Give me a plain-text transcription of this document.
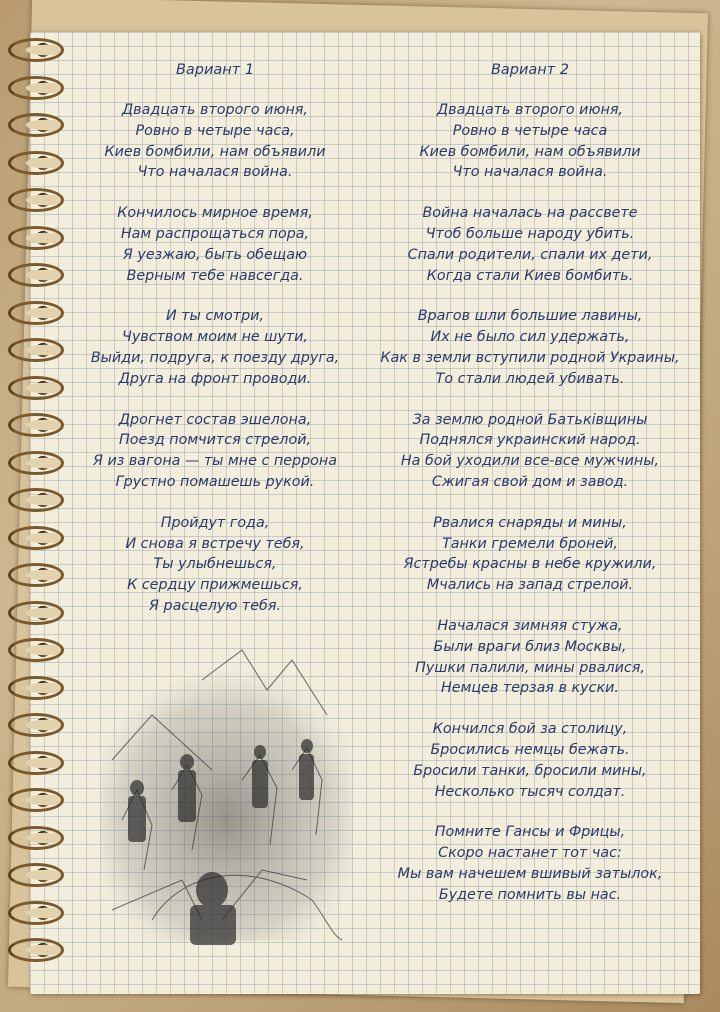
Вариант 1
Двадцать второго июня,
Ровно в четыре часа,
Киев бомбили, нам объявили
Что началася война.
Кончилось мирное время,
Нам распрощаться пора,
Я уезжаю, быть обещаю
Верным тебе навсегда.
И ты смотри,
Чувством моим не шути,
Выйди, подруга, к поезду друга,
Друга на фронт проводи.
Дрогнет состав эшелона,
Поезд помчится стрелой,
Я из вагона — ты мне с перрона
Грустно помашешь рукой.
Пройдут года,
И снова я встречу тебя,
Ты улыбнешься,
К сердцу прижмешься,
Я расцелую тебя.
Вариант 2
Двадцать второго июня,
Ровно в четыре часа
Киев бомбили, нам объявили
Что началася война.
Война началась на рассвете
Чтоб больше народу убить.
Спали родители, спали их дети,
Когда стали Киев бомбить.
Врагов шли большие лавины,
Их не было сил удержать,
Как в земли вступили родной Украины,
То стали людей убивать.
За землю родной Батьківщины
Поднялся украинский народ.
На бой уходили все-все мужчины,
Сжигая свой дом и завод.
Рвалися снаряды и мины,
Танки гремели броней,
Ястребы красны в небе кружили,
Мчались на запад стрелой.
Началася зимняя стужа,
Были враги близ Москвы,
Пушки палили, мины рвалися,
Немцев терзая в куски.
Кончился бой за столицу,
Бросились немцы бежать.
Бросили танки, бросили мины,
Несколько тысяч солдат.
Помните Гансы и Фрицы,
Скоро настанет тот час:
Мы вам начешем вшивый затылок,
Будете помнить вы нас.
